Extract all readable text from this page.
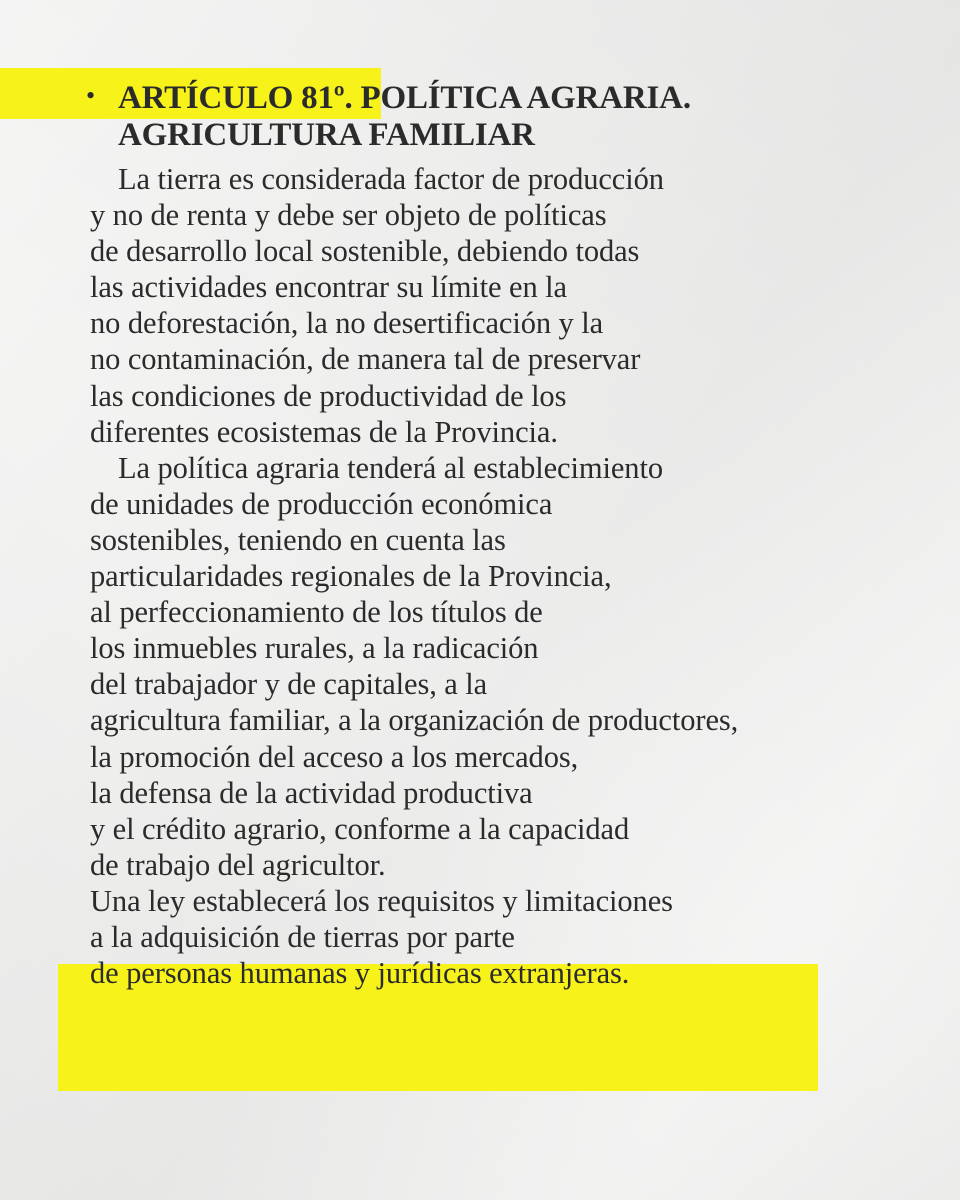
• ARTÍCULO 81º. POLÍTICA AGRARIA.
AGRICULTURA FAMILIAR
La tierra es considerada factor de producción
y no de renta y debe ser objeto de políticas
de desarrollo local sostenible, debiendo todas
las actividades encontrar su límite en la
no deforestación, la no desertificación y la
no contaminación, de manera tal de preservar
las condiciones de productividad de los
diferentes ecosistemas de la Provincia.
La política agraria tenderá al establecimiento
de unidades de producción económica
sostenibles, teniendo en cuenta las
particularidades regionales de la Provincia,
al perfeccionamiento de los títulos de
los inmuebles rurales, a la radicación
del trabajador y de capitales, a la
agricultura familiar, a la organización de productores,
la promoción del acceso a los mercados,
la defensa de la actividad productiva
y el crédito agrario, conforme a la capacidad
de trabajo del agricultor.
Una ley establecerá los requisitos y limitaciones
a la adquisición de tierras por parte
de personas humanas y jurídicas extranjeras.
